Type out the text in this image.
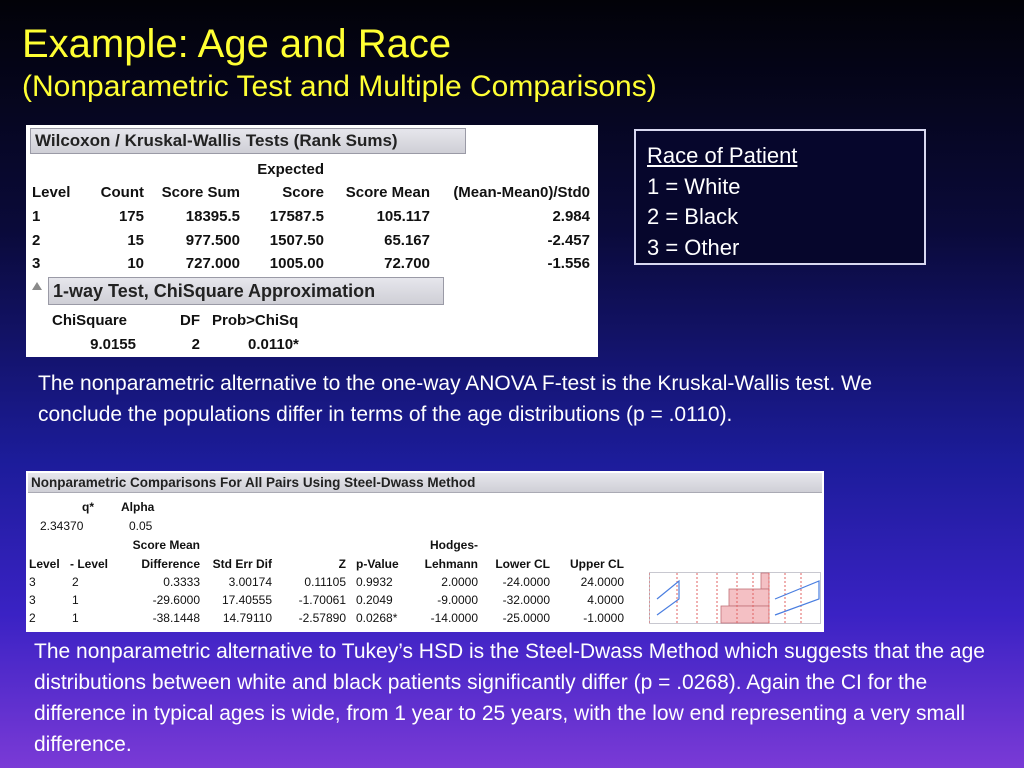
Example: Age and Race
(Nonparametric Test and Multiple Comparisons)
Wilcoxon / Kruskal-Wallis Tests (Rank Sums)
Expected
Level	Count	Score Sum	Score	Score Mean	(Mean-Mean0)/Std0
1	175	18395.5	17587.5	105.117	2.984
2	15	977.500	1507.50	65.167	-2.457
3	10	727.000	1005.00	72.700	-1.556
1-way Test, ChiSquare Approximation
ChiSquare	DF Prob>ChiSq
9.0155	2	0.0110*
Race of Patient
1 = White
2 = Black
3 = Other
The nonparametric alternative to the one-way ANOVA F-test is the Kruskal-Wallis test. We conclude the populations differ in terms of the age distributions (p = .0110).
Nonparametric Comparisons For All Pairs Using Steel-Dwass Method
q* Alpha
2.34370	0.05
Score Mean	Hodges-
Level - Level	Difference	Std Err Dif	Z p-Value	Lehmann	Lower CL	Upper CL
3	2	0.3333	3.00174	0.11105 0.9932	2.0000	-24.0000	24.0000
3	1	-29.6000	17.40555	-1.70061 0.2049	-9.0000	-32.0000	4.0000
2	1	-38.1448	14.79110	-2.57890 0.0268*	-14.0000	-25.0000	-1.0000
The nonparametric alternative to Tukey’s HSD is the Steel-Dwass Method which suggests that the age distributions between white and black patients significantly differ (p = .0268). Again the CI for the difference in typical ages is wide, from 1 year to 25 years, with the low end representing a very small difference.
